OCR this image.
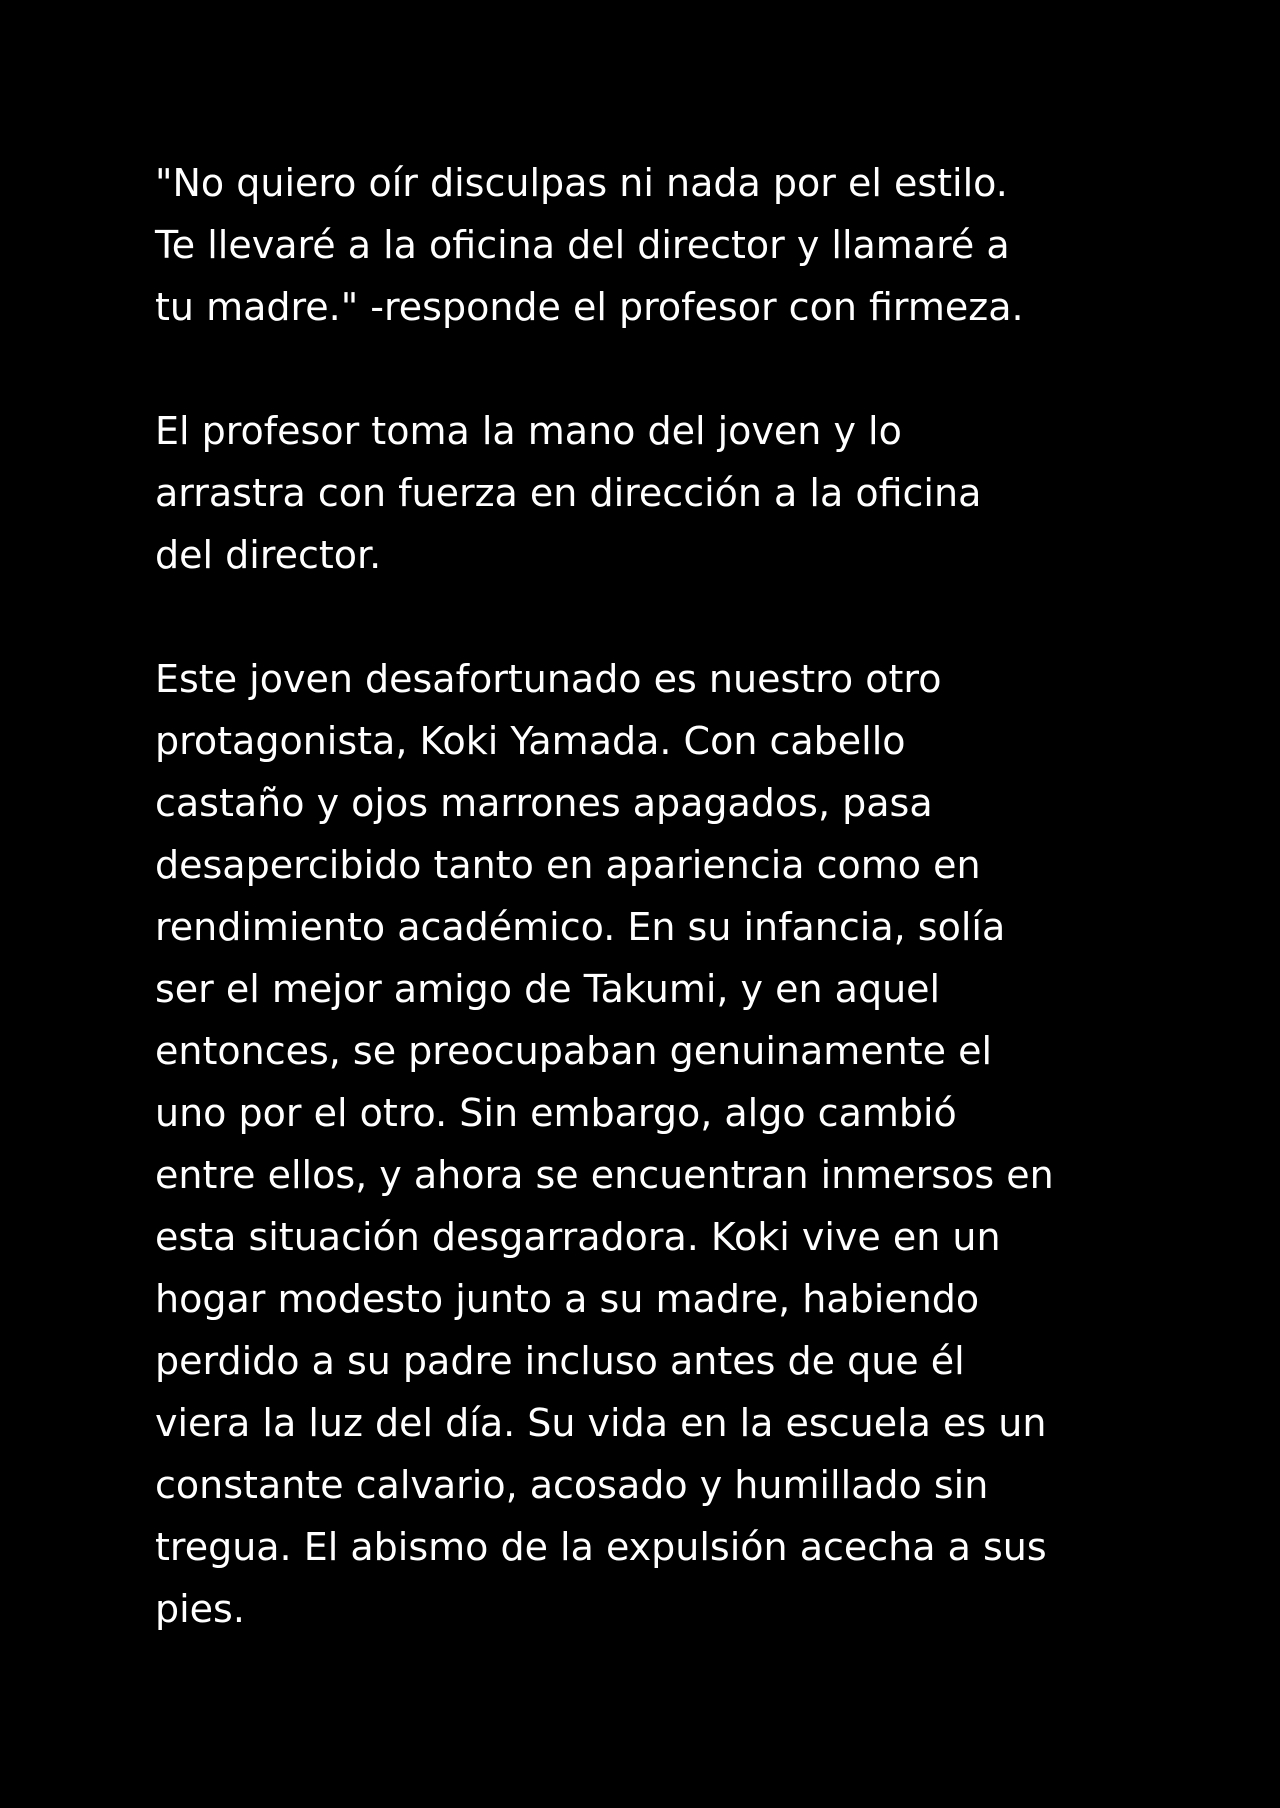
"No quiero oír disculpas ni nada por el estilo.
Te llevaré a la oficina del director y llamaré a
tu madre." -responde el profesor con firmeza.

El profesor toma la mano del joven y lo
arrastra con fuerza en dirección a la oficina
del director.

Este joven desafortunado es nuestro otro
protagonista, Koki Yamada. Con cabello
castaño y ojos marrones apagados, pasa
desapercibido tanto en apariencia como en
rendimiento académico. En su infancia, solía
ser el mejor amigo de Takumi, y en aquel
entonces, se preocupaban genuinamente el
uno por el otro. Sin embargo, algo cambió
entre ellos, y ahora se encuentran inmersos en
esta situación desgarradora. Koki vive en un
hogar modesto junto a su madre, habiendo
perdido a su padre incluso antes de que él
viera la luz del día. Su vida en la escuela es un
constante calvario, acosado y humillado sin
tregua. El abismo de la expulsión acecha a sus
pies.
